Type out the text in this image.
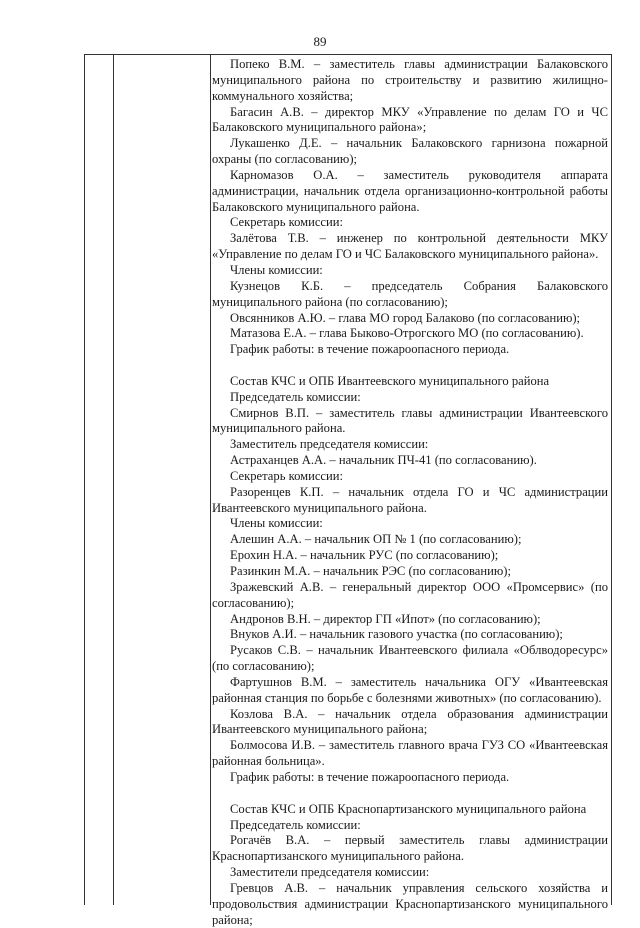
89

Попеко В.М. – заместитель главы администрации Балаковского муниципального района по строительству и развитию жилищно-коммунального хозяйства;

Багасин А.В. – директор МКУ «Управление по делам ГО и ЧС Балаковского муниципального района»;

Лукашенко Д.Е. – начальник Балаковского гарнизона пожарной охраны (по согласованию);

Карномазов О.А. – заместитель руководителя аппарата администрации, начальник отдела организационно-контрольной работы Балаковского муниципального района.

Секретарь комиссии:

Залётова Т.В. – инженер по контрольной деятельности МКУ «Управление по делам ГО и ЧС Балаковского муниципального района».

Члены комиссии:

Кузнецов К.Б. – председатель Собрания Балаковского муниципального района (по согласованию);

Овсянников А.Ю. – глава МО город Балаково (по согласованию);

Матазова Е.А. – глава Быково-Отрогского МО (по согласованию).

График работы: в течение пожароопасного периода.

Состав КЧС и ОПБ Ивантеевского муниципального района

Председатель комиссии:

Смирнов В.П. – заместитель главы администрации Ивантеевского муниципального района.

Заместитель председателя комиссии:

Астраханцев А.А. – начальник ПЧ-41 (по согласованию).

Секретарь комиссии:

Разоренцев К.П. – начальник отдела ГО и ЧС администрации Ивантеевского муниципального района.

Члены комиссии:

Алешин А.А. – начальник ОП № 1 (по согласованию);

Ерохин Н.А. – начальник РУС (по согласованию);

Разинкин М.А. – начальник РЭС (по согласованию);

Зражевский А.В. – генеральный директор ООО «Промсервис» (по согласованию);

Андронов В.Н. – директор ГП «Ипот» (по согласованию);

Внуков А.И. – начальник газового участка (по согласованию);

Русаков С.В. – начальник Ивантеевского филиала «Облводоресурс» (по согласованию);

Фартушнов В.М. – заместитель начальника ОГУ «Ивантеевская районная станция по борьбе с болезнями животных» (по согласованию).

Козлова В.А. – начальник отдела образования администрации Ивантеевского муниципального района;

Болмосова И.В. – заместитель главного врача ГУЗ СО «Ивантеевская районная больница».

График работы: в течение пожароопасного периода.

Состав КЧС и ОПБ Краснопартизанского муниципального района

Председатель комиссии:

Рогачёв В.А. – первый заместитель главы администрации Краснопартизанского муниципального района.

Заместители председателя комиссии:

Гревцов А.В. – начальник управления сельского хозяйства и продовольствия администрации Краснопартизанского муниципального района;
